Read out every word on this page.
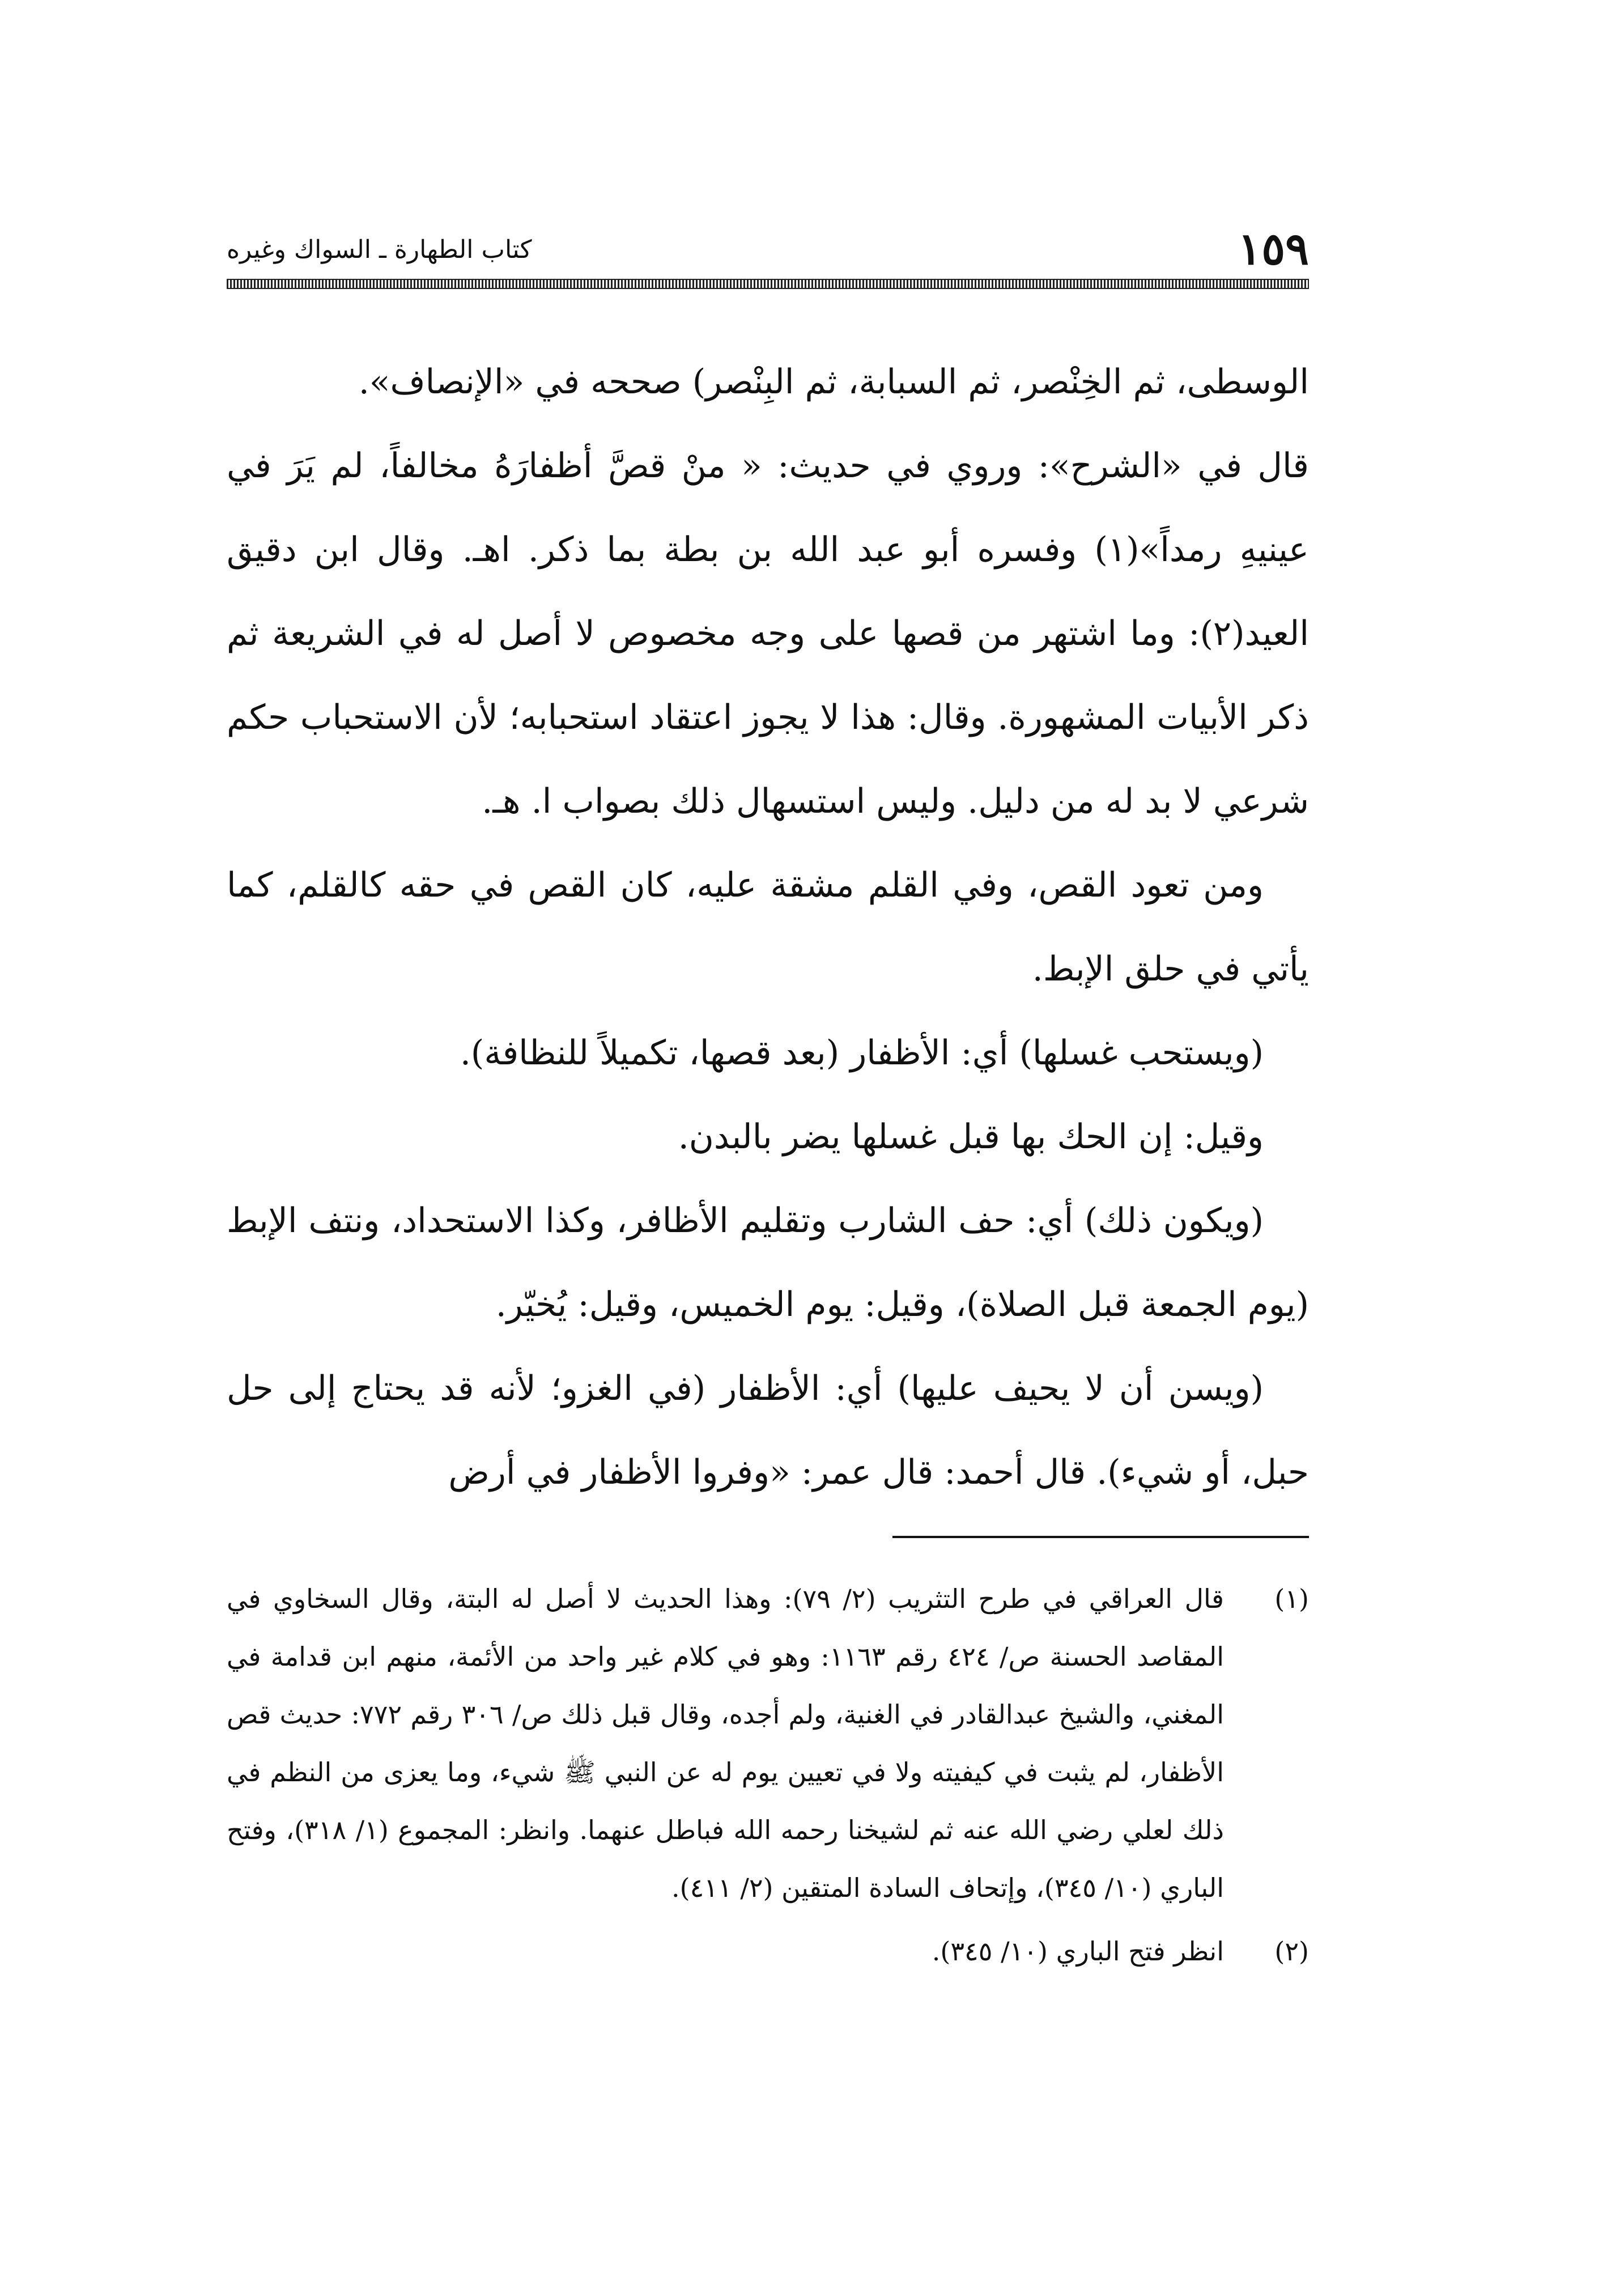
١٥٩
كتاب الطهارة ـ السواك وغيره

الوسطى، ثم الخِنْصر، ثم السبابة، ثم البِنْصر) صححه في «الإنصاف».

قال في «الشرح»: وروي في حديث: « منْ قصَّ أظفارَهُ مخالفاً، لم يَرَ في عينيهِ رمداً»(١) وفسره أبو عبد الله بن بطة بما ذكر. اهـ. وقال ابن دقيق العيد(٢): وما اشتهر من قصها على وجه مخصوص لا أصل له في الشريعة ثم ذكر الأبيات المشهورة. وقال: هذا لا يجوز اعتقاد استحبابه؛ لأن الاستحباب حكم شرعي لا بد له من دليل. وليس استسهال ذلك بصواب ا. هـ.

ومن تعود القص، وفي القلم مشقة عليه، كان القص في حقه كالقلم، كما يأتي في حلق الإبط.

(ويستحب غسلها) أي: الأظفار (بعد قصها، تكميلاً للنظافة).

وقيل: إن الحك بها قبل غسلها يضر بالبدن.

(ويكون ذلك) أي: حف الشارب وتقليم الأظافر، وكذا الاستحداد، ونتف الإبط (يوم الجمعة قبل الصلاة)، وقيل: يوم الخميس، وقيل: يُخيّر.

(ويسن أن لا يحيف عليها) أي: الأظفار (في الغزو؛ لأنه قد يحتاج إلى حل حبل، أو شيء). قال أحمد: قال عمر: «وفروا الأظفار في أرض

(١)
قال العراقي في طرح التثريب (٢/ ٧٩): وهذا الحديث لا أصل له البتة، وقال السخاوي في المقاصد الحسنة ص/ ٤٢٤ رقم ١١٦٣: وهو في كلام غير واحد من الأئمة، منهم ابن قدامة في المغني، والشيخ عبدالقادر في الغنية، ولم أجده، وقال قبل ذلك ص/ ٣٠٦ رقم ٧٧٢: حديث قص الأظفار، لم يثبت في كيفيته ولا في تعيين يوم له عن النبي ﷺ شيء، وما يعزى من النظم في ذلك لعلي رضي الله عنه ثم لشيخنا رحمه الله فباطل عنهما. وانظر: المجموع (١/ ٣١٨)، وفتح الباري (١٠/ ٣٤٥)، وإتحاف السادة المتقين (٢/ ٤١١).
(٢)
انظر فتح الباري (١٠/ ٣٤٥).
